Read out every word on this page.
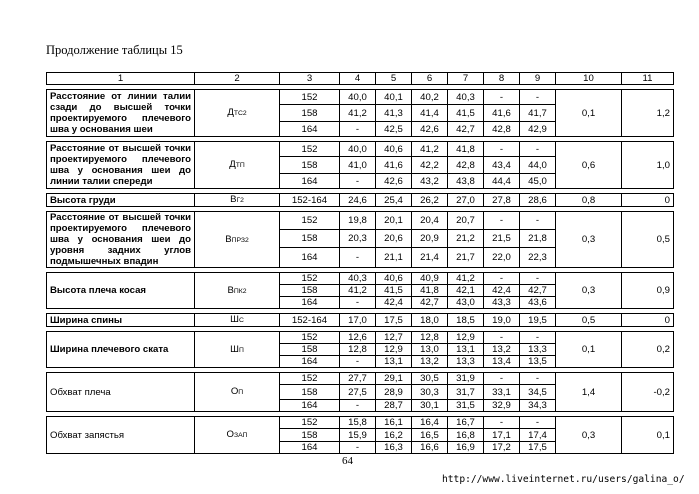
Продолжение таблицы 15
1	2	3	4	5	6	7	8	9	10	11

Расстояние от линии талии сзади до высшей точки проектируемого плечевого шва у основания шеи	ДТС2	152	40,0	40,1	40,2	40,3	-	-	0,1	1,2
		158	41,2	41,3	41,4	41,5	41,6	41,7		
		164	-	42,5	42,6	42,7	42,8	42,9		

Расстояние от высшей точки проектируемого плечевого шва у основания шеи до линии талии спереди	ДТП	152	40,0	40,6	41,2	41,8	-	-	0,6	1,0
		158	41,0	41,6	42,2	42,8	43,4	44,0		
		164	-	42,6	43,2	43,8	44,4	45,0		

Высота груди	ВГ2	152-164	24,6	25,4	26,2	27,0	27,8	28,6	0,8	0

Расстояние от высшей точки проектируемого плечевого шва у основания шеи до уровня задних углов подмышечных впадин	ВПРЗ2	152	19,8	20,1	20,4	20,7	-	-	0,3	0,5
		158	20,3	20,6	20,9	21,2	21,5	21,8		
		164	-	21,1	21,4	21,7	22,0	22,3		

Высота плеча косая	ВПК2	152	40,3	40,6	40,9	41,2	-	-	0,3	0,9
		158	41,2	41,5	41,8	42,1	42,4	42,7		
		164	-	42,4	42,7	43,0	43,3	43,6		

Ширина спины	ШС	152-164	17,0	17,5	18,0	18,5	19,0	19,5	0,5	0

Ширина плечевого ската	ШП	152	12,6	12,7	12,8	12,9	-	-	0,1	0,2
		158	12,8	12,9	13,0	13,1	13,2	13,3		
		164	-	13,1	13,2	13,3	13,4	13,5		

Обхват плеча	ОП	152	27,7	29,1	30,5	31,9	-	-	1,4	-0,2
		158	27,5	28,9	30,3	31,7	33,1	34,5		
		164	-	28,7	30,1	31,5	32,9	34,3		

Обхват запястья	ОЗАП	152	15,8	16,1	16,4	16,7	-	-	0,3	0,1
		158	15,9	16,2	16,5	16,8	17,1	17,4		
		164	-	16,3	16,6	16,9	17,2	17,5		
64
http://www.liveinternet.ru/users/galina_o/
